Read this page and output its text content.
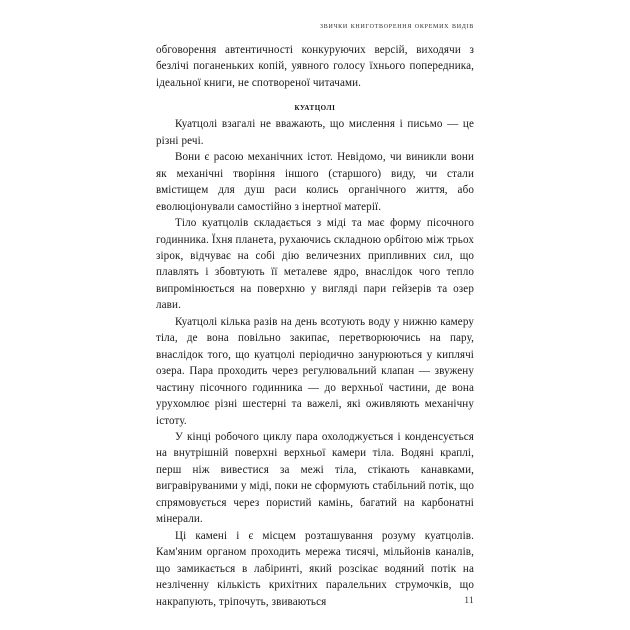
звички книготворення окремих видів

обговорення автентичності конкуруючих версій, виходячи з безлічі поганеньких копій, уявного голосу їхнього попередника, ідеальної книги, не спотвореної читачами.

куатцолі

Куатцолі взагалі не вважають, що мислення і письмо — це різні речі.

Вони є расою механічних істот. Невідомо, чи виникли вони як механічні творіння іншого (старшого) виду, чи стали вмістищем для душ раси колись органічного життя, або еволюціонували самостійно з інертної матерії.

Тіло куатцолів складається з міді та має форму пісочного годинника. Їхня планета, рухаючись складною орбітою між трьох зірок, відчуває на собі дію величезних припливних сил, що плавлять і збовтують її металеве ядро, внаслідок чого тепло випромінюється на поверхню у вигляді пари гейзерів та озер лави.

Куатцолі кілька разів на день всотують воду у нижню камеру тіла, де вона повільно закипає, перетворюючись на пару, внаслідок того, що куатцолі періодично занурюються у киплячі озера. Пара проходить через регулювальний клапан — звужену частину пісочного годинника — до верхньої частини, де вона урухомлює різні шестерні та важелі, які оживляють механічну істоту.

У кінці робочого циклу пара охолоджується і конденсується на внутрішній поверхні верхньої камери тіла. Водяні краплі, перш ніж вивестися за межі тіла, стікають канавками, вигравіруваними у міді, поки не сформують стабільний потік, що спрямовується через пористий камінь, багатий на карбонатні мінерали.

Ці камені і є місцем розташування розуму куатцолів. Кам'яним органом проходить мережа тисячі, мільйонів каналів, що замикається в лабіринті, який розсікає водяний потік на незліченну кількість крихітних паралельних струмочків, що накрапують, тріпочуть, звиваються	11
